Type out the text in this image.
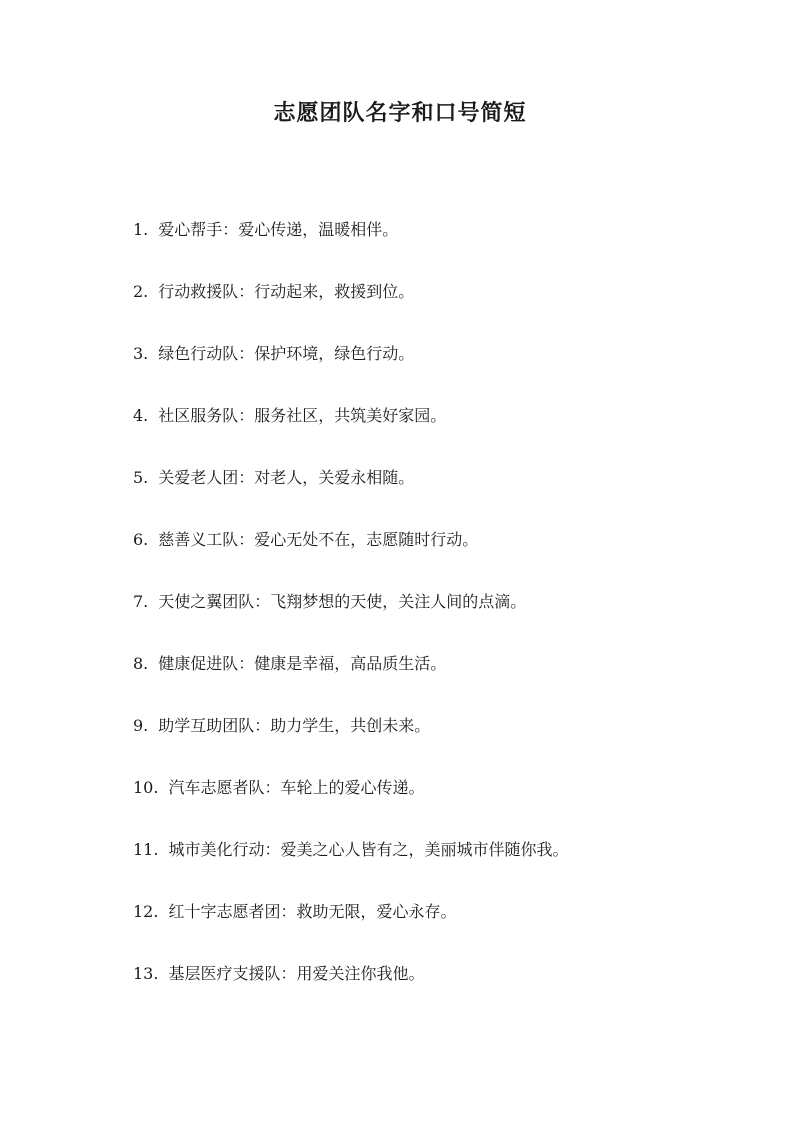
志愿团队名字和口号简短
1. 爱心帮手：爱心传递，温暖相伴。
2. 行动救援队：行动起来，救援到位。
3. 绿色行动队：保护环境，绿色行动。
4. 社区服务队：服务社区，共筑美好家园。
5. 关爱老人团：对老人，关爱永相随。
6. 慈善义工队：爱心无处不在，志愿随时行动。
7. 天使之翼团队：飞翔梦想的天使，关注人间的点滴。
8. 健康促进队：健康是幸福，高品质生活。
9. 助学互助团队：助力学生，共创未来。
10. 汽车志愿者队：车轮上的爱心传递。
11. 城市美化行动：爱美之心人皆有之，美丽城市伴随你我。
12. 红十字志愿者团：救助无限，爱心永存。
13. 基层医疗支援队：用爱关注你我他。
